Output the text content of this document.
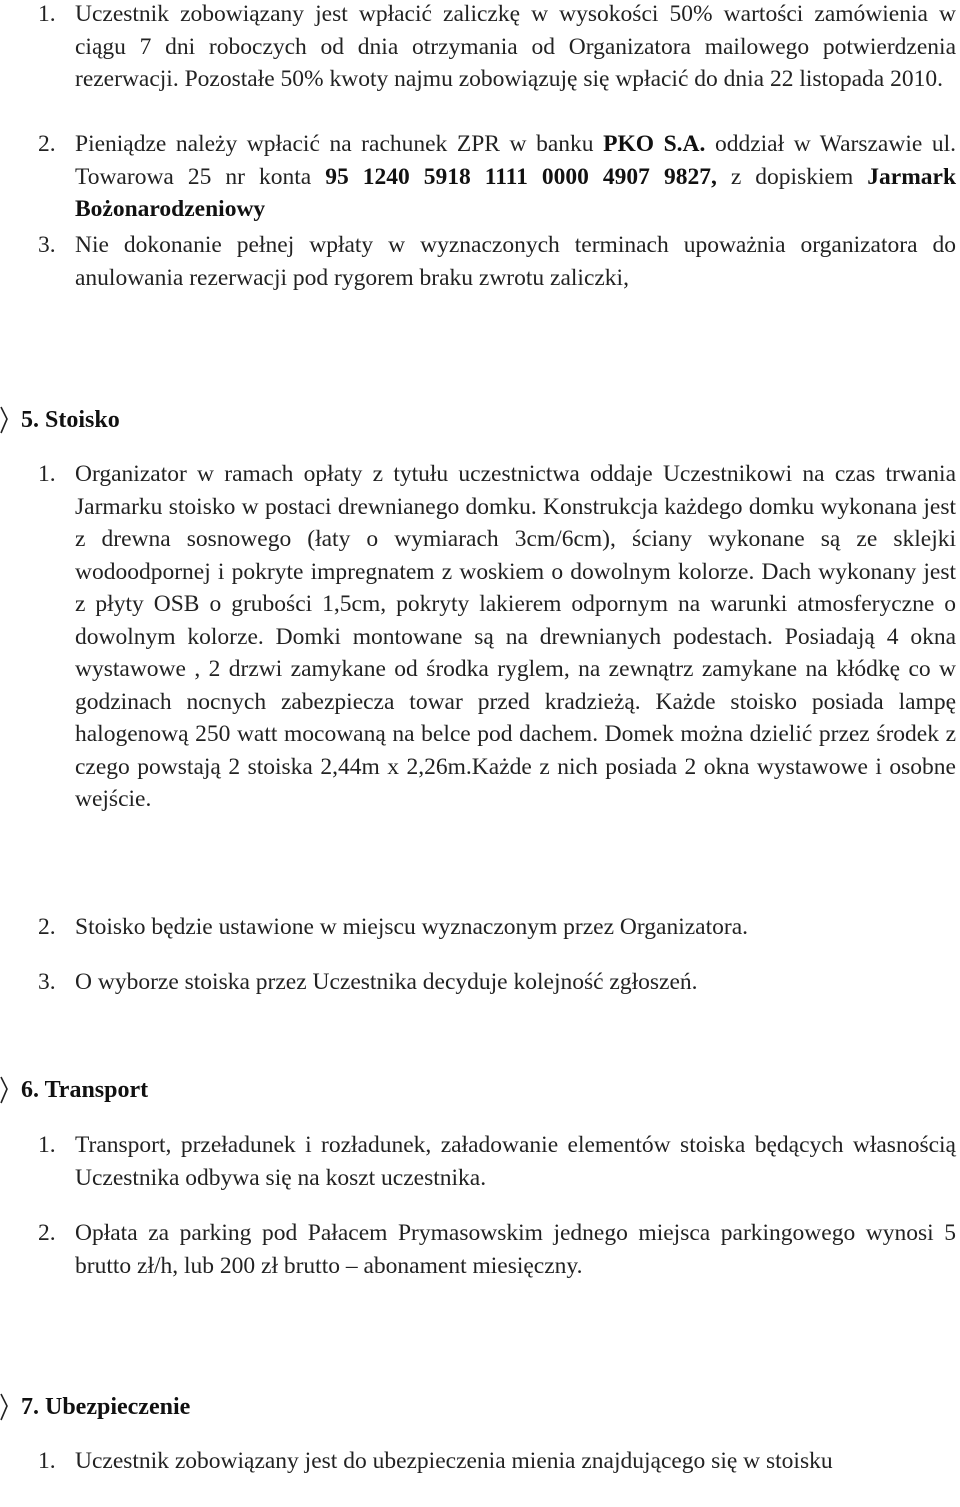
1. Uczestnik zobowiązany jest wpłacić zaliczkę w wysokości 50% wartości zamówienia w ciągu 7 dni roboczych od dnia otrzymania od Organizatora mailowego potwierdzenia rezerwacji. Pozostałe 50% kwoty najmu zobowiązuję się wpłacić do dnia 22 listopada 2010.
2. Pieniądze należy wpłacić na rachunek ZPR w banku PKO S.A. oddział w Warszawie ul. Towarowa 25 nr konta 95 1240 5918 1111 0000 4907 9827, z dopiskiem Jarmark Bożonarodzeniowy
3. Nie dokonanie pełnej wpłaty w wyznaczonych terminach upoważnia organizatora do anulowania rezerwacji pod rygorem braku zwrotu zaliczki,
5. Stoisko
1. Organizator w ramach opłaty z tytułu uczestnictwa oddaje Uczestnikowi na czas trwania Jarmarku stoisko w postaci drewnianego domku. Konstrukcja każdego domku wykonana jest z drewna sosnowego (łaty o wymiarach 3cm/6cm), ściany wykonane są ze sklejki wodoodpornej i pokryte impregnatem z woskiem o dowolnym kolorze. Dach wykonany jest z płyty OSB o grubości 1,5cm, pokryty lakierem odpornym na warunki atmosferyczne o dowolnym kolorze. Domki montowane są na drewnianych podestach. Posiadają 4 okna wystawowe , 2 drzwi zamykane od środka ryglem, na zewnątrz zamykane na kłódkę co w godzinach nocnych zabezpiecza towar przed kradzieżą. Każde stoisko posiada lampę halogenową 250 watt mocowaną na belce pod dachem. Domek można dzielić przez środek z czego powstają 2 stoiska 2,44m x 2,26m.Każde z nich posiada 2 okna wystawowe i osobne wejście.
2. Stoisko będzie ustawione w miejscu wyznaczonym przez Organizatora.
3. O wyborze stoiska przez Uczestnika decyduje kolejność zgłoszeń.
6. Transport
1. Transport, przeładunek i rozładunek, załadowanie elementów stoiska będących własnością Uczestnika odbywa się na koszt uczestnika.
2. Opłata za parking pod Pałacem Prymasowskim jednego miejsca parkingowego wynosi 5 brutto zł/h, lub 200 zł brutto – abonament miesięczny.
7. Ubezpieczenie
1. Uczestnik zobowiązany jest do ubezpieczenia mienia znajdującego się w stoisku
